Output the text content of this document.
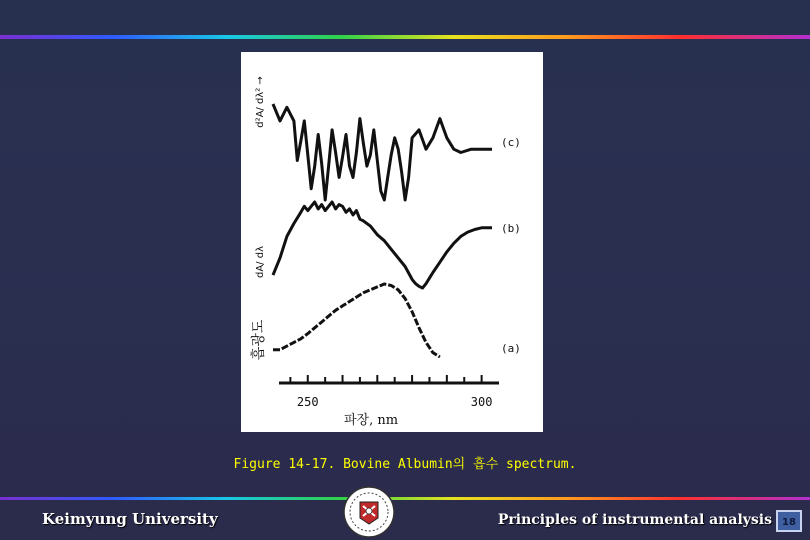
(c)
d²A/ dλ² →
(b)
dA/ dλ
(a)
흡광도
250	300
파장, nm
Figure 14-17. Bovine Albumin의 흡수 spectrum.
Keimyung University	Principles of instrumental analysis	18
